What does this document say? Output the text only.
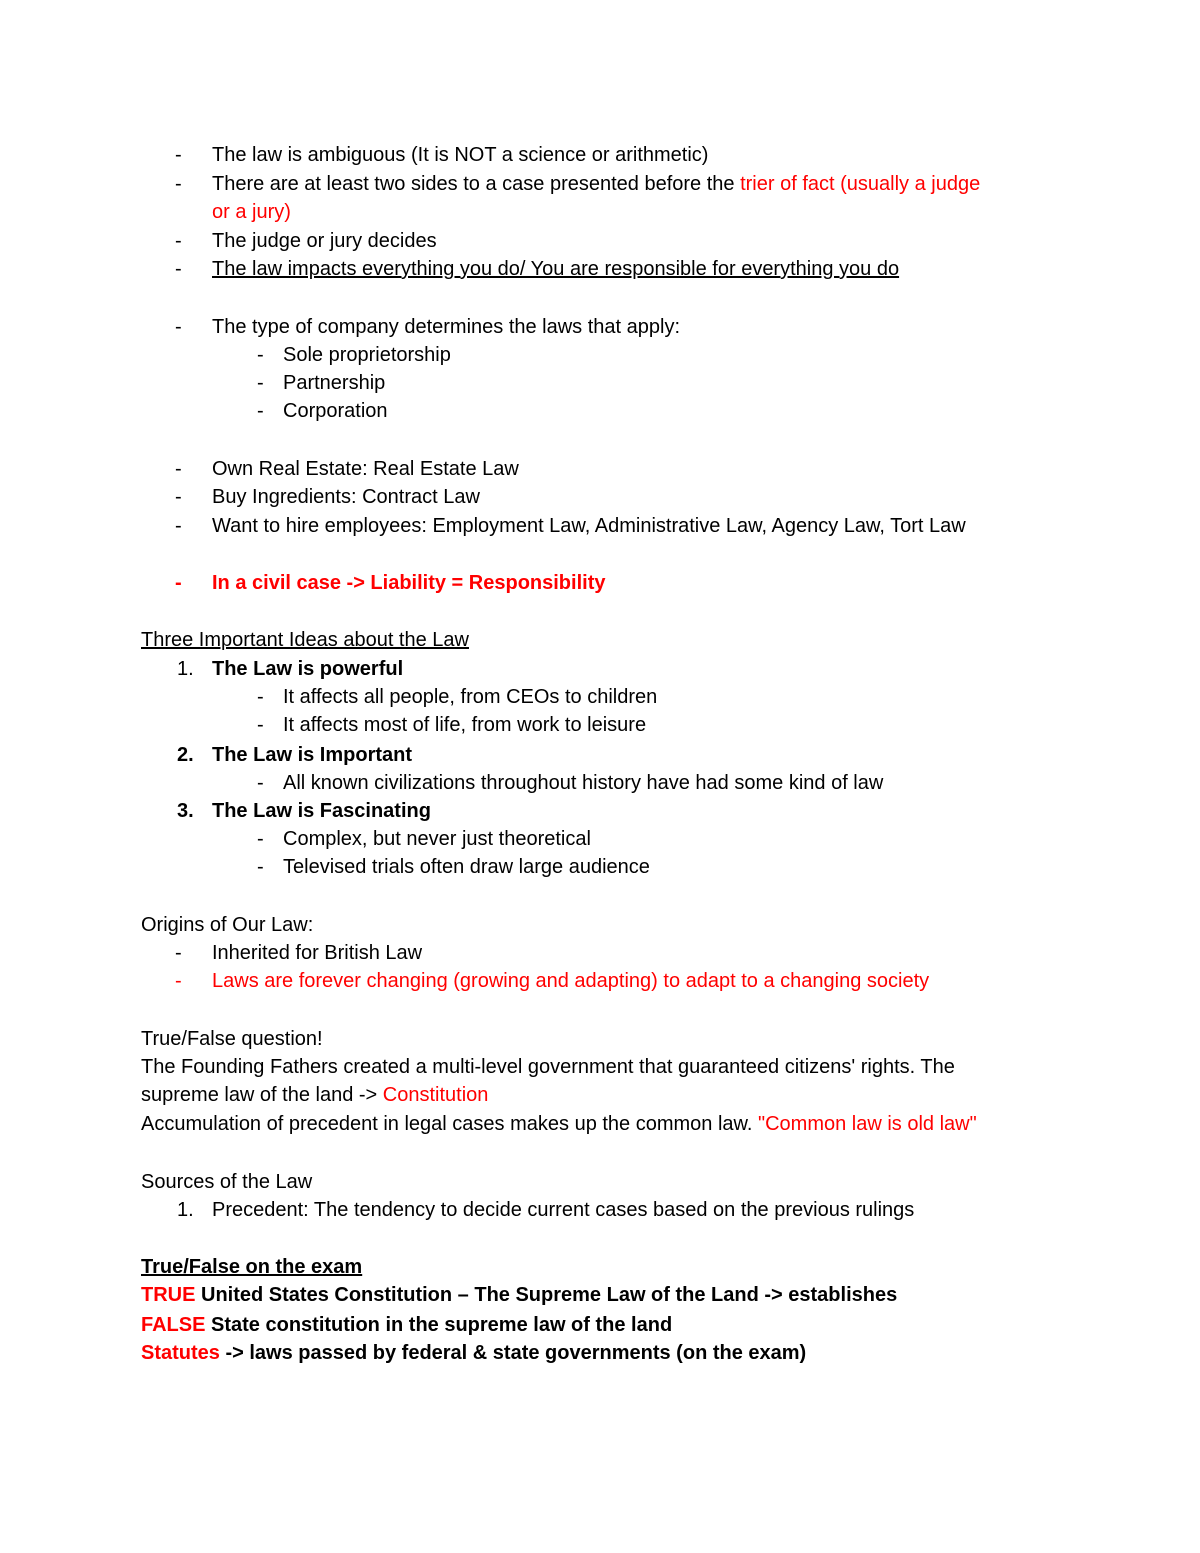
- The law is ambiguous (It is NOT a science or arithmetic)
- There are at least two sides to a case presented before the trier of fact (usually a judge
or a jury)
- The judge or jury decides
- The law impacts everything you do/ You are responsible for everything you do
- The type of company determines the laws that apply:
- Sole proprietorship
- Partnership
- Corporation
- Own Real Estate: Real Estate Law
- Buy Ingredients: Contract Law
- Want to hire employees: Employment Law, Administrative Law, Agency Law, Tort Law
- In a civil case -> Liability = Responsibility
Three Important Ideas about the Law
1. The Law is powerful
- It affects all people, from CEOs to children
- It affects most of life, from work to leisure
2. The Law is Important
- All known civilizations throughout history have had some kind of law
3. The Law is Fascinating
- Complex, but never just theoretical
- Televised trials often draw large audience
Origins of Our Law:
- Inherited for British Law
- Laws are forever changing (growing and adapting) to adapt to a changing society
True/False question!
The Founding Fathers created a multi-level government that guaranteed citizens' rights. The
supreme law of the land -> Constitution
Accumulation of precedent in legal cases makes up the common law. "Common law is old law"
Sources of the Law
1. Precedent: The tendency to decide current cases based on the previous rulings
True/False on the exam
TRUE United States Constitution – The Supreme Law of the Land -> establishes
FALSE State constitution in the supreme law of the land
Statutes -> laws passed by federal & state governments (on the exam)
